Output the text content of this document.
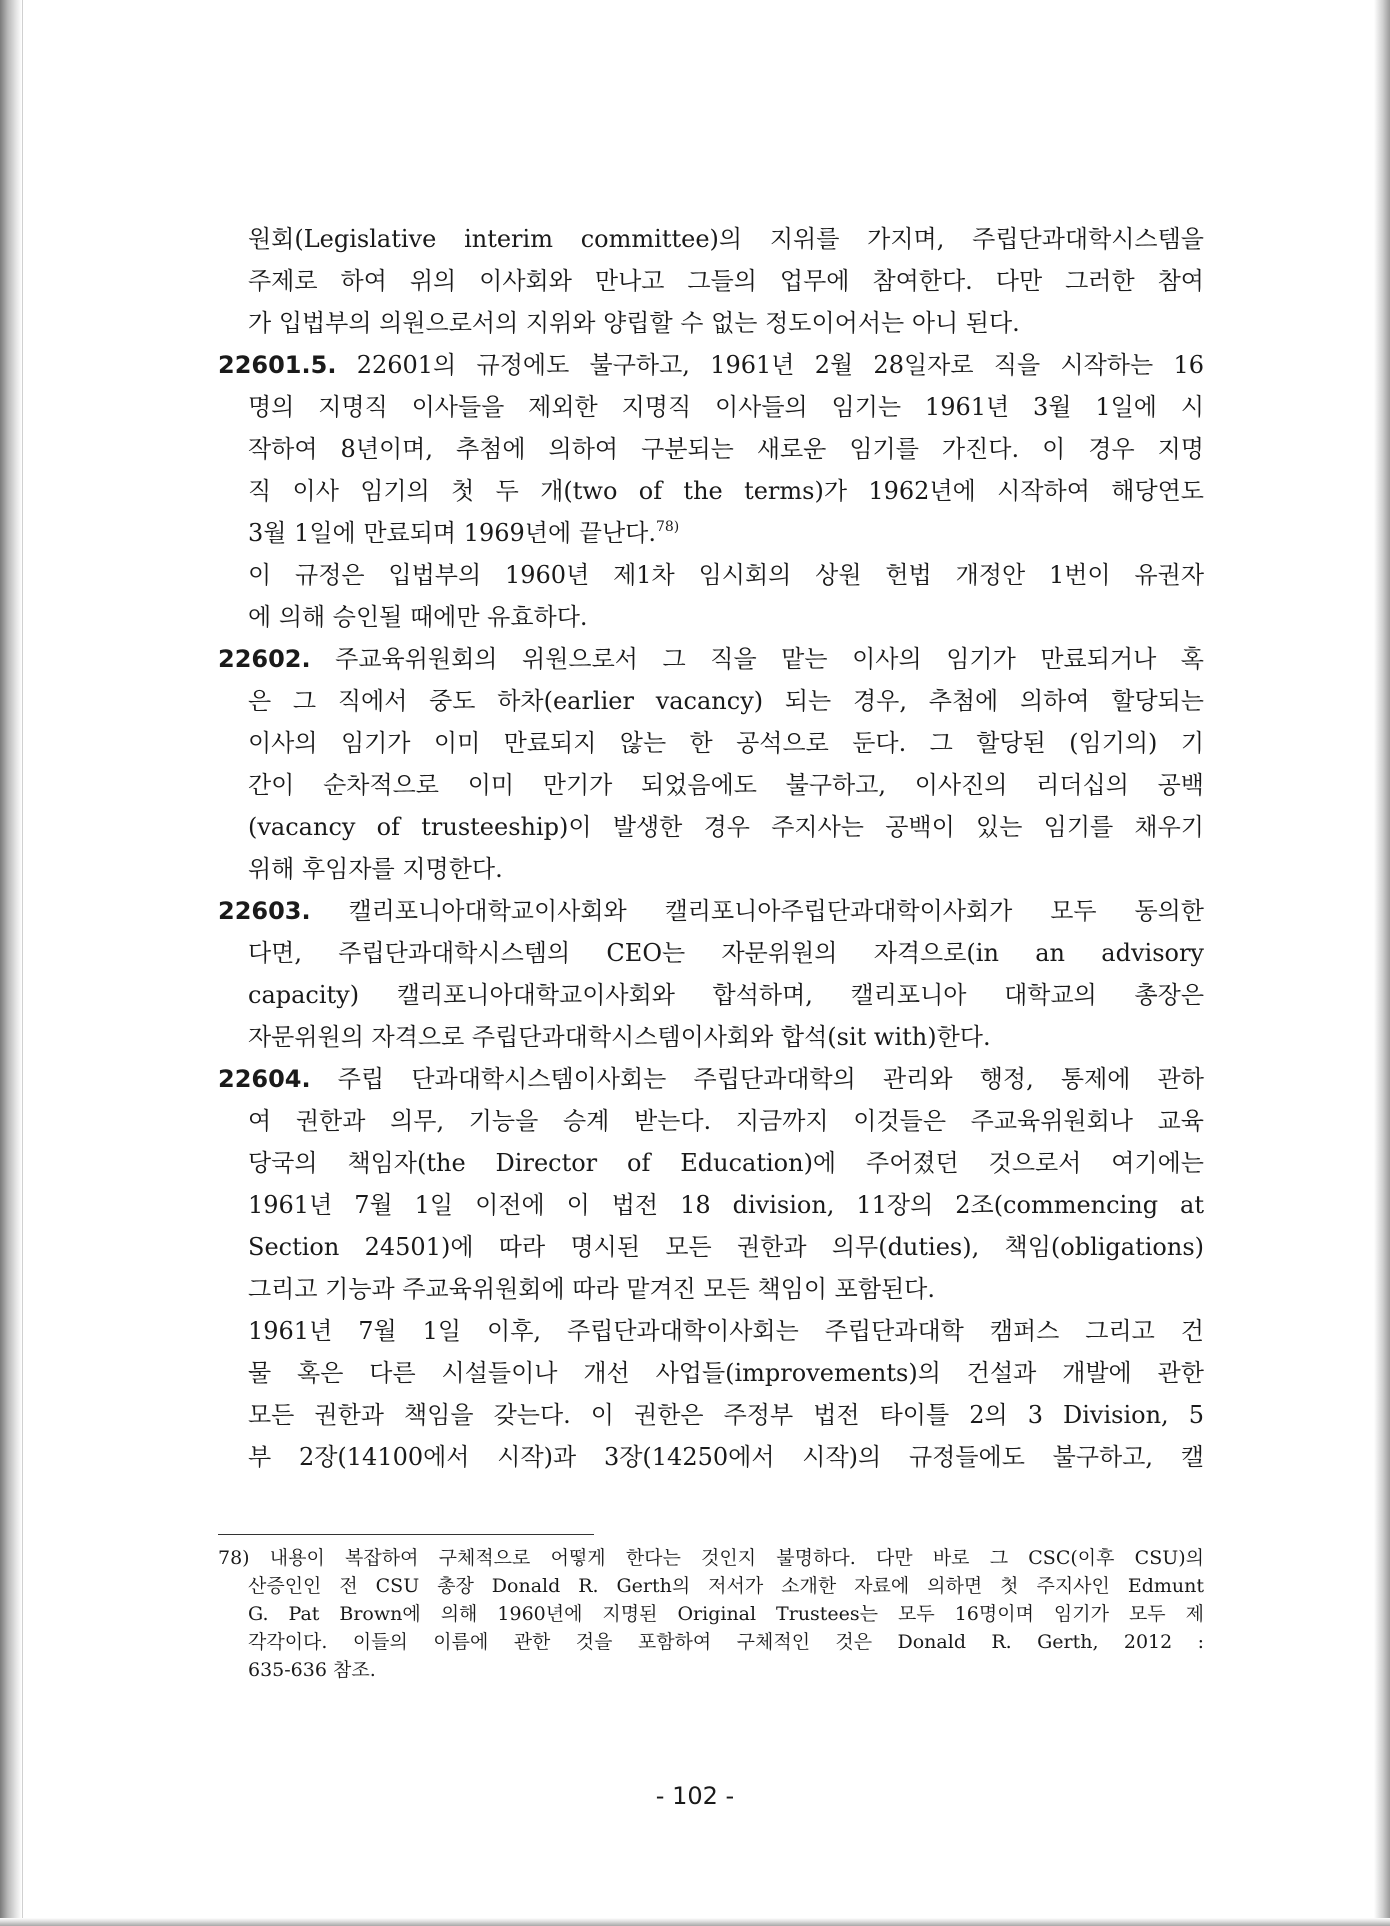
원회(Legislative interim committee)의 지위를 가지며, 주립단과대학시스템을
주제로 하여 위의 이사회와 만나고 그들의 업무에 참여한다. 다만 그러한 참여
가 입법부의 의원으로서의 지위와 양립할 수 없는 정도이어서는 아니 된다.
22601.5. 22601의 규정에도 불구하고, 1961년 2월 28일자로 직을 시작하는 16
명의 지명직 이사들을 제외한 지명직 이사들의 임기는 1961년 3월 1일에 시
작하여 8년이며, 추첨에 의하여 구분되는 새로운 임기를 가진다. 이 경우 지명
직 이사 임기의 첫 두 개(two of the terms)가 1962년에 시작하여 해당연도
3월 1일에 만료되며 1969년에 끝난다.$^{78)}$
이 규정은 입법부의 1960년 제1차 임시회의 상원 헌법 개정안 1번이 유권자
에 의해 승인될 때에만 유효하다.
22602. 주교육위원회의 위원으로서 그 직을 맡는 이사의 임기가 만료되거나 혹
은 그 직에서 중도 하차(earlier vacancy) 되는 경우, 추첨에 의하여 할당되는
이사의 임기가 이미 만료되지 않는 한 공석으로 둔다. 그 할당된 (임기의) 기
간이 순차적으로 이미 만기가 되었음에도 불구하고, 이사진의 리더십의 공백
(vacancy of trusteeship)이 발생한 경우 주지사는 공백이 있는 임기를 채우기
위해 후임자를 지명한다.
22603. 캘리포니아대학교이사회와 캘리포니아주립단과대학이사회가 모두 동의한
다면, 주립단과대학시스템의 CEO는 자문위원의 자격으로(in an advisory
capacity) 캘리포니아대학교이사회와 합석하며, 캘리포니아 대학교의 총장은
자문위원의 자격으로 주립단과대학시스템이사회와 합석(sit with)한다.
22604. 주립 단과대학시스템이사회는 주립단과대학의 관리와 행정, 통제에 관하
여 권한과 의무, 기능을 승계 받는다. 지금까지 이것들은 주교육위원회나 교육
당국의 책임자(the Director of Education)에 주어졌던 것으로서 여기에는
1961년 7월 1일 이전에 이 법전 18 division, 11장의 2조(commencing at
Section 24501)에 따라 명시된 모든 권한과 의무(duties), 책임(obligations)
그리고 기능과 주교육위원회에 따라 맡겨진 모든 책임이 포함된다.
1961년 7월 1일 이후, 주립단과대학이사회는 주립단과대학 캠퍼스 그리고 건
물 혹은 다른 시설들이나 개선 사업들(improvements)의 건설과 개발에 관한
모든 권한과 책임을 갖는다. 이 권한은 주정부 법전 타이틀 2의 3 Division, 5
부 2장(14100에서 시작)과 3장(14250에서 시작)의 규정들에도 불구하고, 캘
78) 내용이 복잡하여 구체적으로 어떻게 한다는 것인지 불명하다. 다만 바로 그 CSC(이후 CSU)의
산증인인 전 CSU 총장 Donald R. Gerth의 저서가 소개한 자료에 의하면 첫 주지사인 Edmunt
G. Pat Brown에 의해 1960년에 지명된 Original Trustees는 모두 16명이며 임기가 모두 제
각각이다. 이들의 이름에 관한 것을 포함하여 구체적인 것은 Donald R. Gerth, 2012 :
635-636 참조.
- 102 -
